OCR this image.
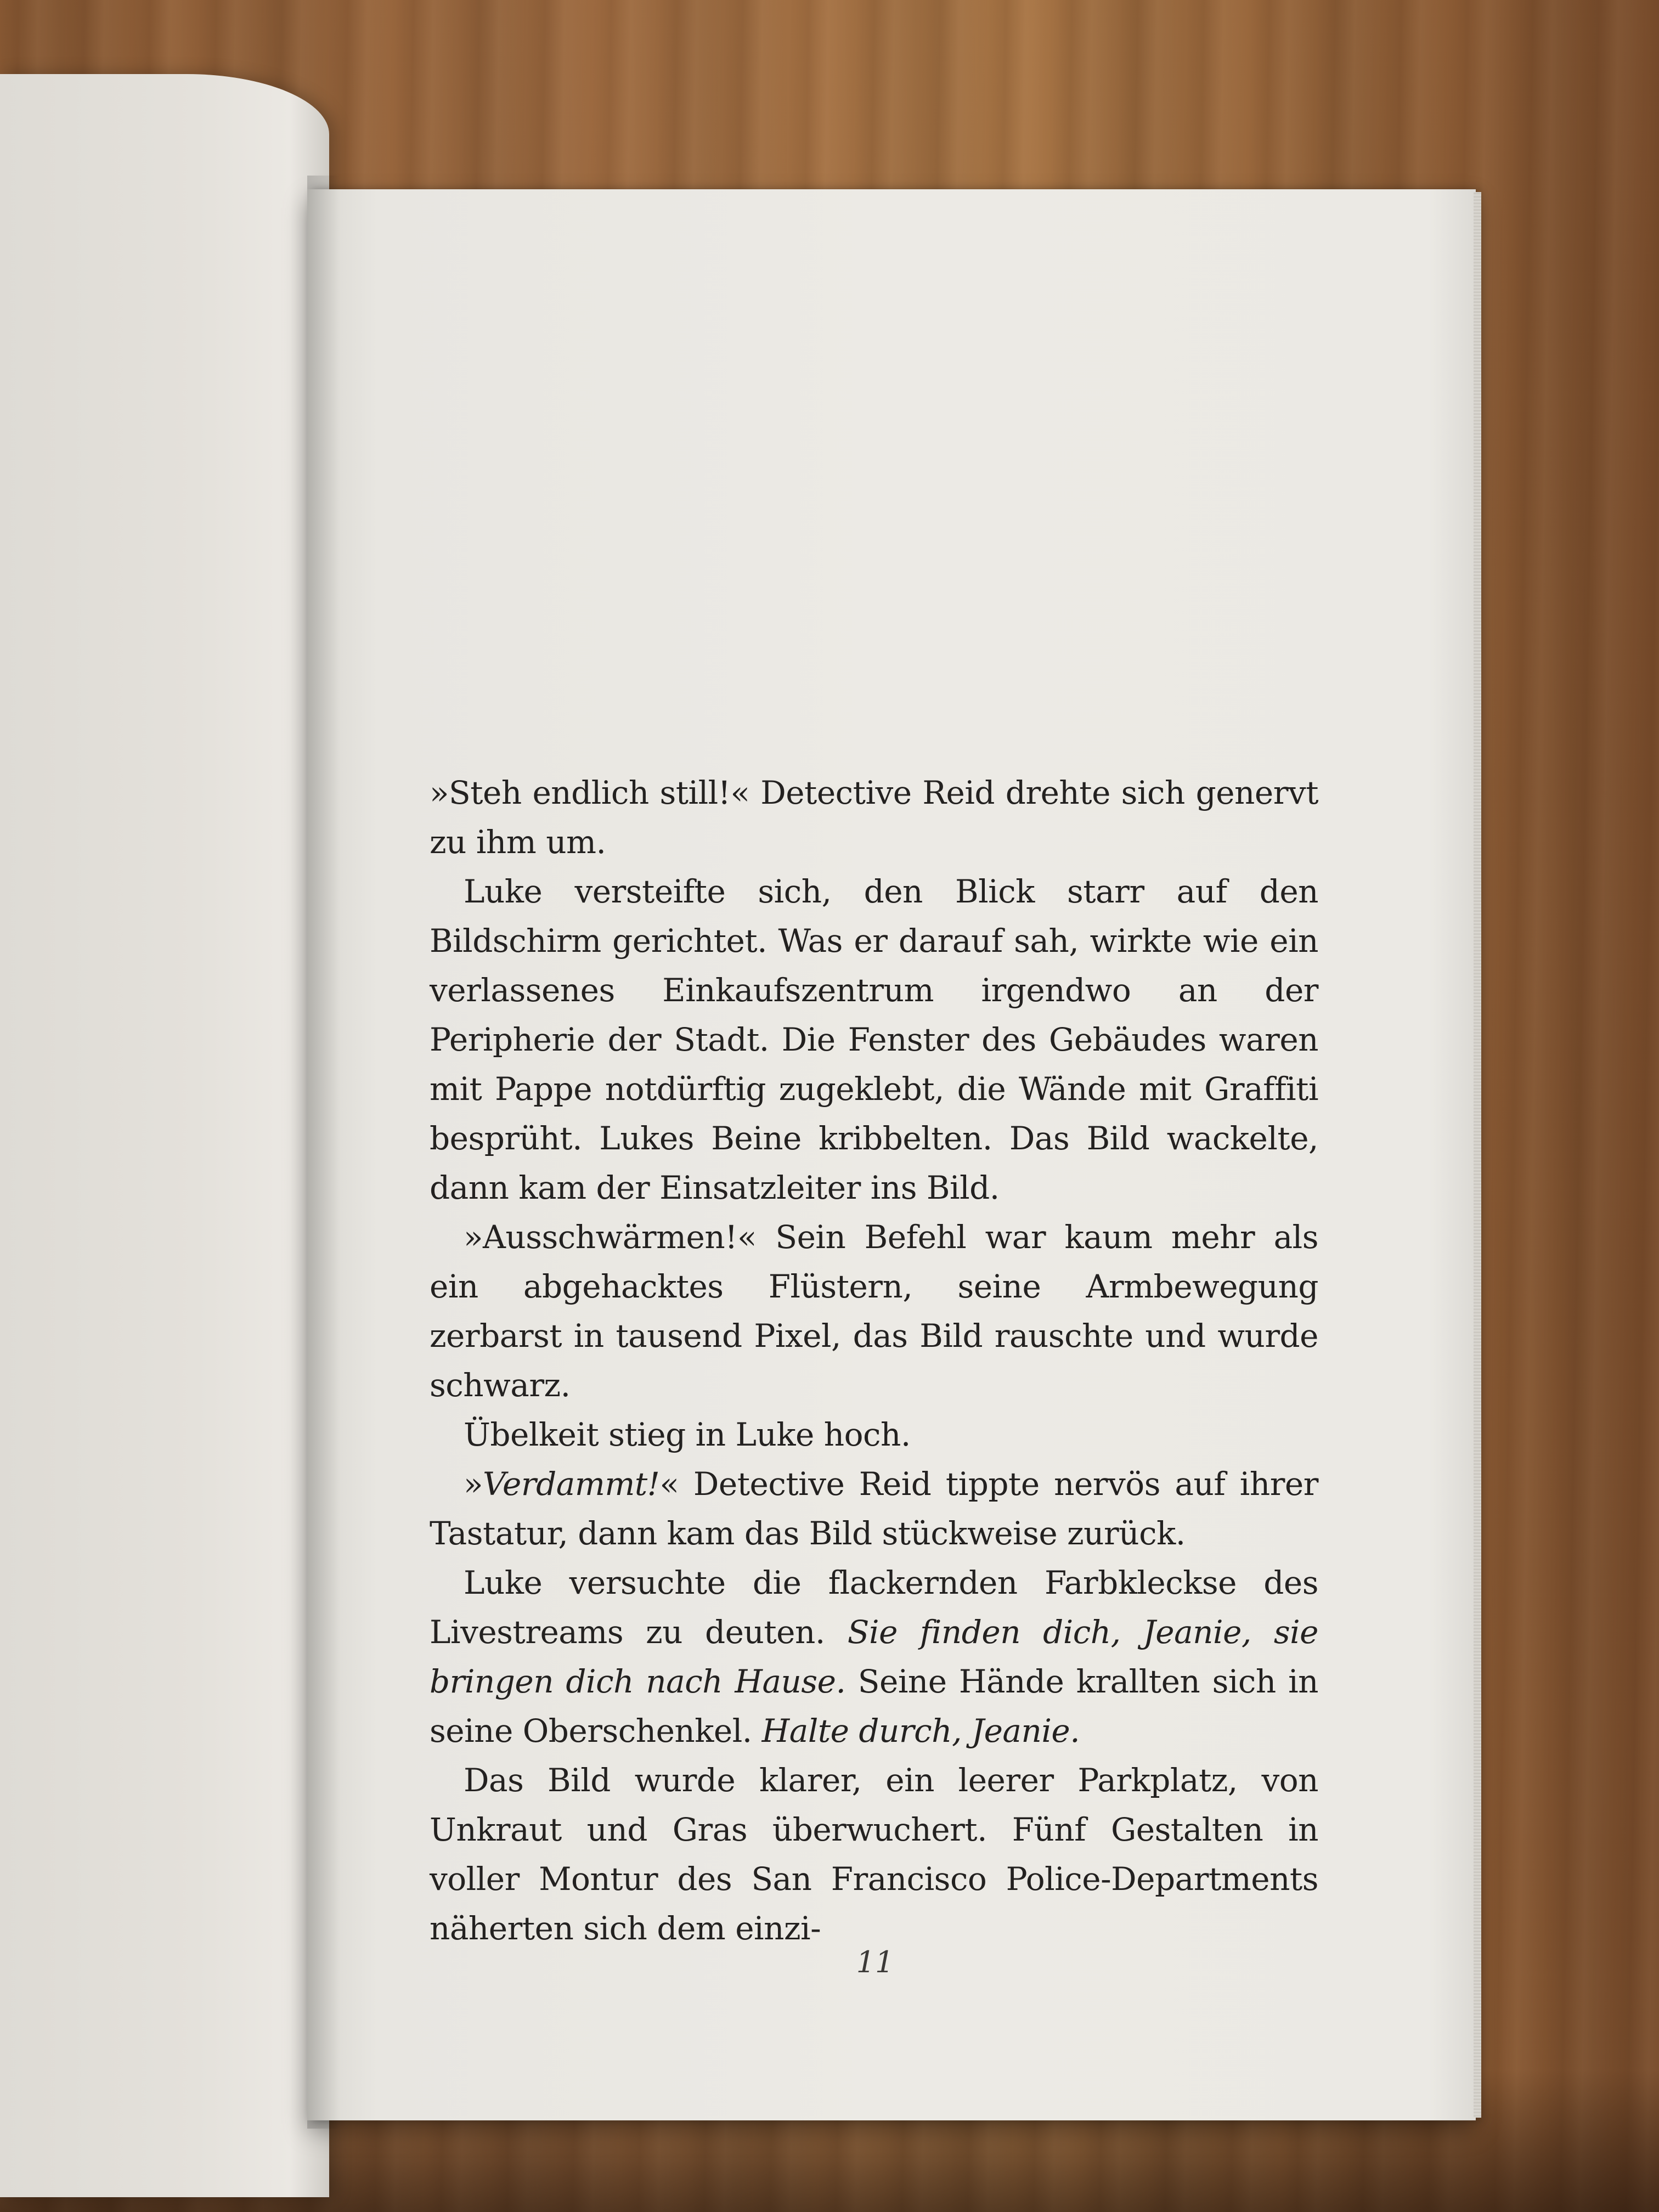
»Steh endlich still!« Detective Reid drehte sich genervt zu ihm um.

Luke versteifte sich, den Blick starr auf den Bildschirm gerichtet. Was er darauf sah, wirkte wie ein verlassenes Einkaufszentrum irgendwo an der Peripherie der Stadt. Die Fenster des Gebäudes waren mit Pappe notdürftig zugeklebt, die Wände mit Graffiti besprüht. Lukes Beine kribbelten. Das Bild wackelte, dann kam der Einsatzleiter ins Bild.

»Ausschwärmen!« Sein Befehl war kaum mehr als ein abgehacktes Flüstern, seine Armbewegung zerbarst in tausend Pixel, das Bild rauschte und wurde schwarz.

Übelkeit stieg in Luke hoch.

»Verdammt!« Detective Reid tippte nervös auf ihrer Tastatur, dann kam das Bild stückweise zurück.

Luke versuchte die flackernden Farbkleckse des Livestreams zu deuten. Sie finden dich, Jeanie, sie bringen dich nach Hause. Seine Hände krallten sich in seine Oberschenkel. Halte durch, Jeanie.

Das Bild wurde klarer, ein leerer Parkplatz, von Unkraut und Gras überwuchert. Fünf Gestalten in voller Montur des San Francisco Police-Departments näherten sich dem einzi-

11
